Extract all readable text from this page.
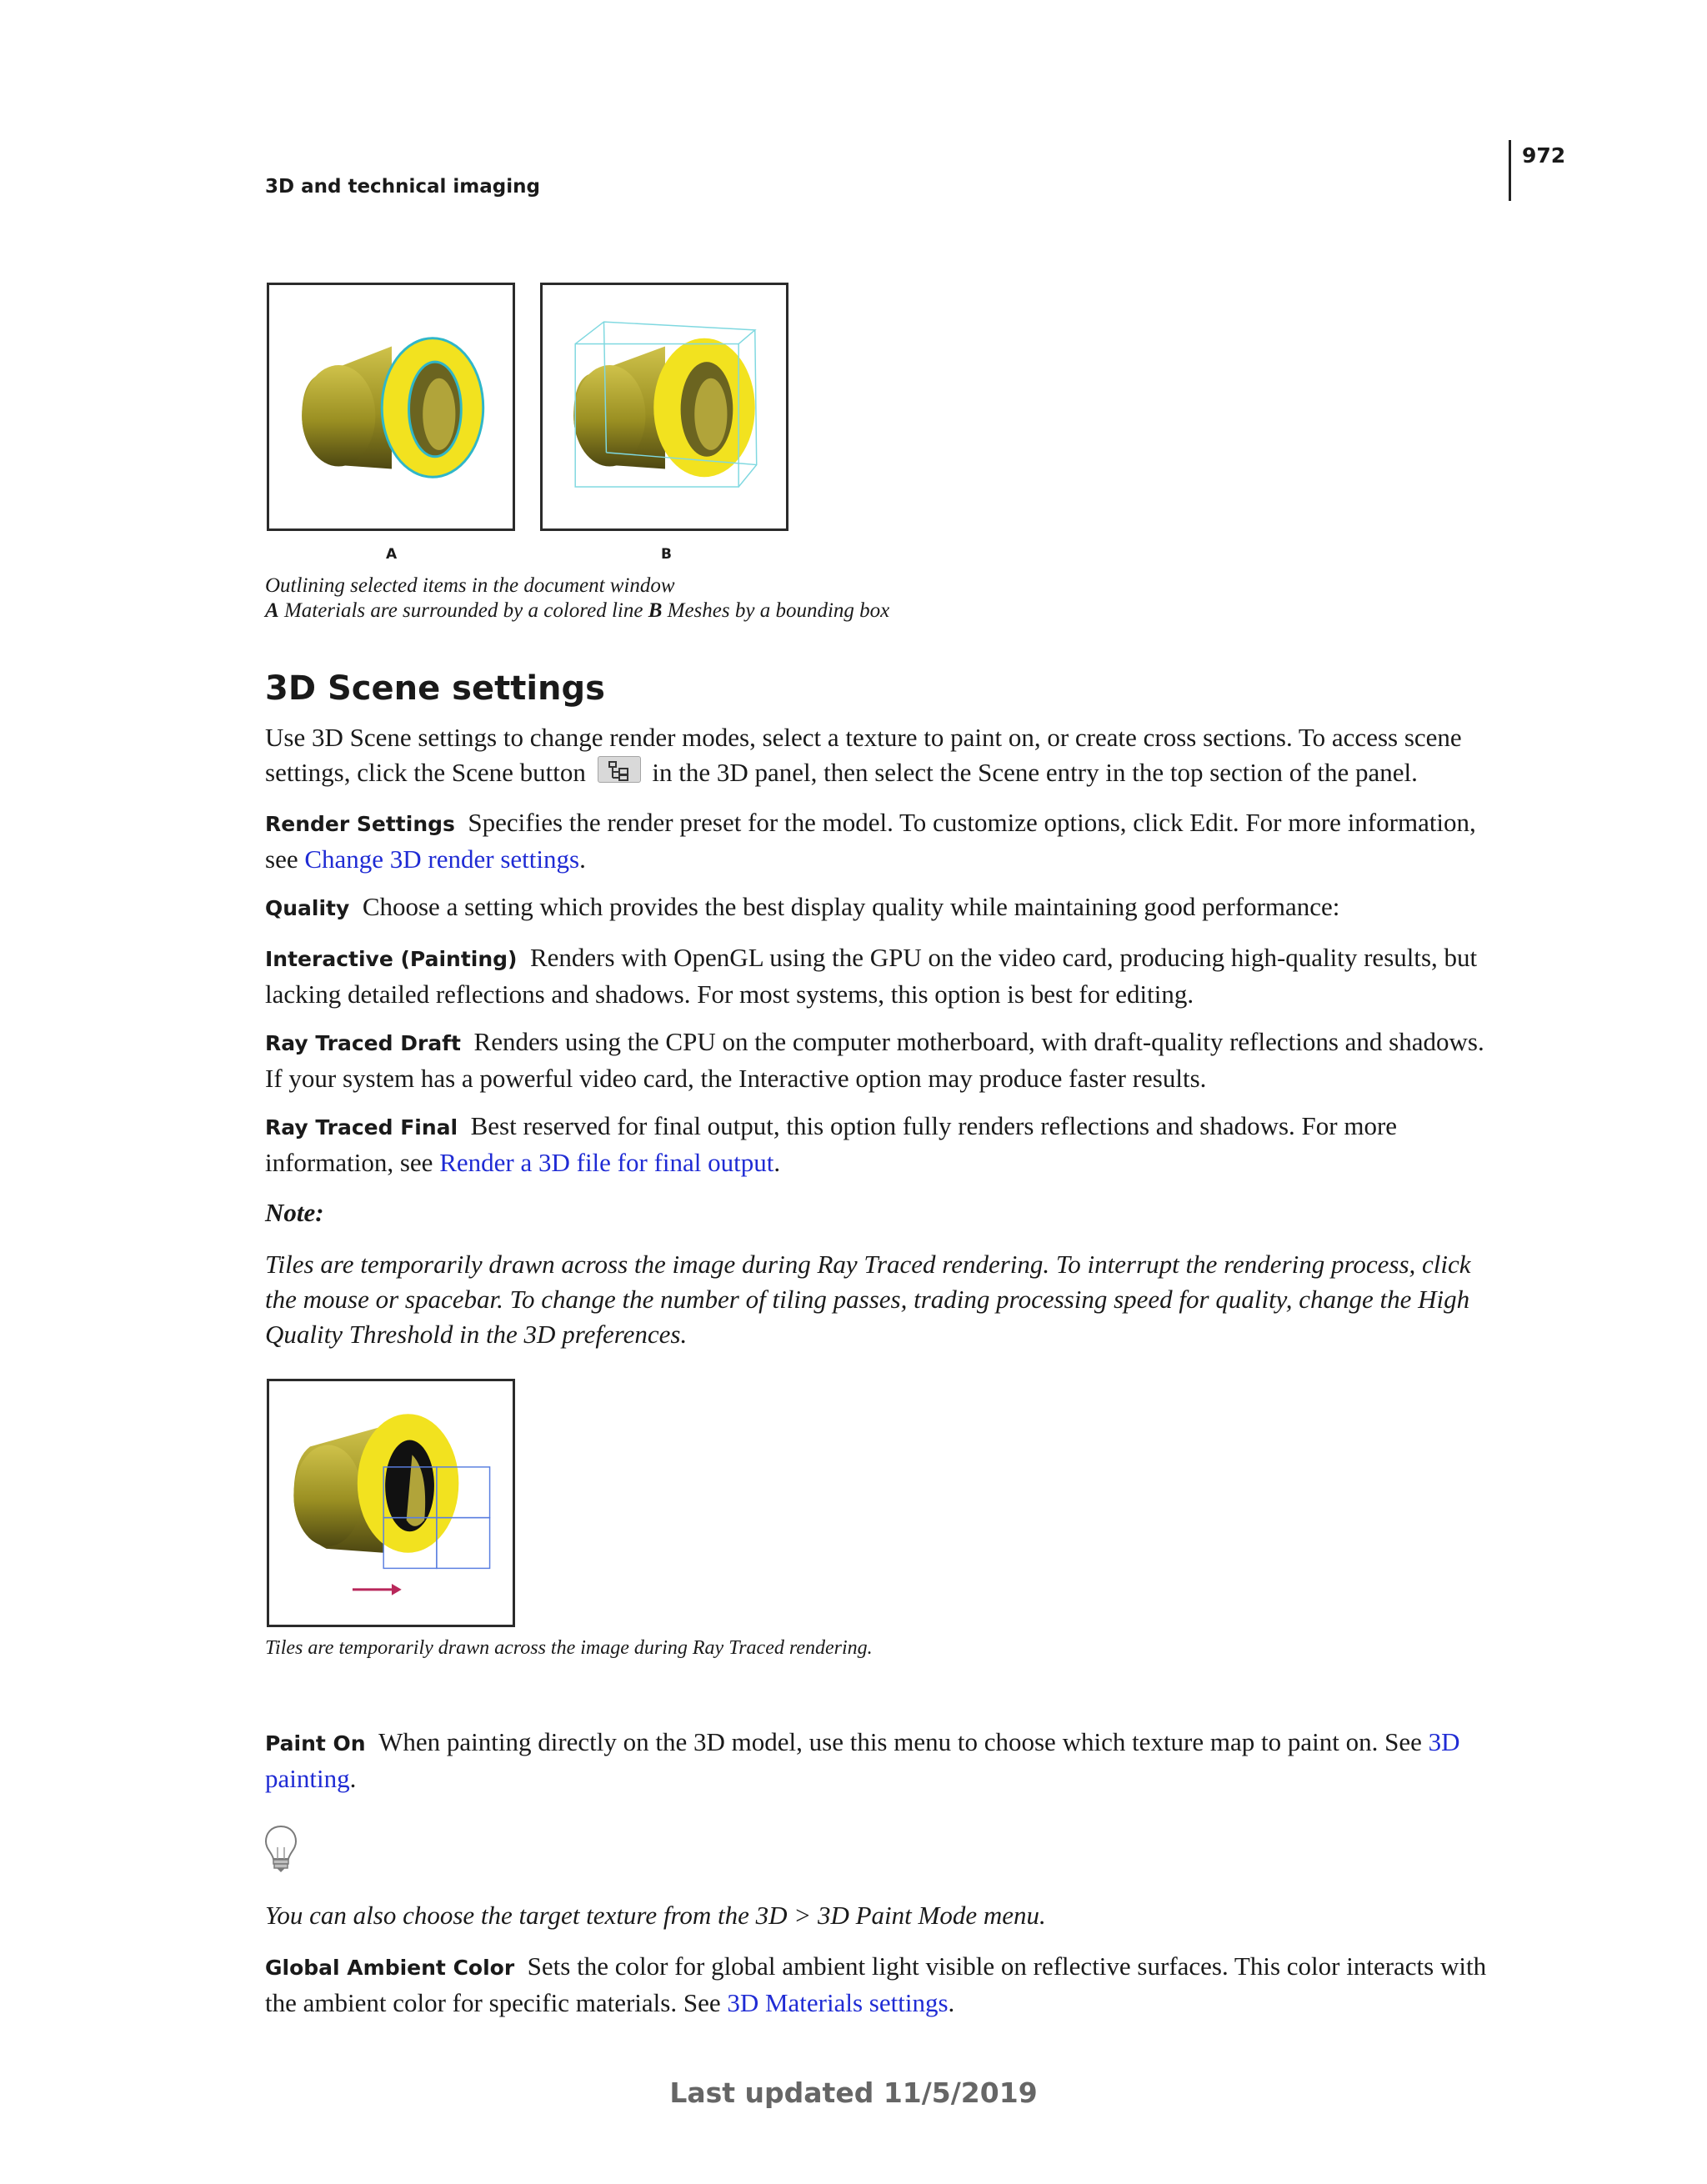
972
3D and technical imaging
A	B
Outlining selected items in the document window
A Materials are surrounded by a colored line B Meshes by a bounding box
3D Scene settings
Use 3D Scene settings to change render modes, select a texture to paint on, or create cross sections. To access scene settings, click the Scene button  in the 3D panel, then select the Scene entry in the top section of the panel.
Render Settings Specifies the render preset for the model. To customize options, click Edit. For more information, see Change 3D render settings.
Quality Choose a setting which provides the best display quality while maintaining good performance:
Interactive (Painting) Renders with OpenGL using the GPU on the video card, producing high-quality results, but lacking detailed reflections and shadows. For most systems, this option is best for editing.
Ray Traced Draft Renders using the CPU on the computer motherboard, with draft-quality reflections and shadows. If your system has a powerful video card, the Interactive option may produce faster results.
Ray Traced Final Best reserved for final output, this option fully renders reflections and shadows. For more information, see Render a 3D file for final output.
Note:
Tiles are temporarily drawn across the image during Ray Traced rendering. To interrupt the rendering process, click the mouse or spacebar. To change the number of tiling passes, trading processing speed for quality, change the High Quality Threshold in the 3D preferences.
Tiles are temporarily drawn across the image during Ray Traced rendering.
Paint On When painting directly on the 3D model, use this menu to choose which texture map to paint on. See 3D painting.
You can also choose the target texture from the 3D > 3D Paint Mode menu.
Global Ambient Color Sets the color for global ambient light visible on reflective surfaces. This color interacts with the ambient color for specific materials. See 3D Materials settings.
Last updated 11/5/2019
